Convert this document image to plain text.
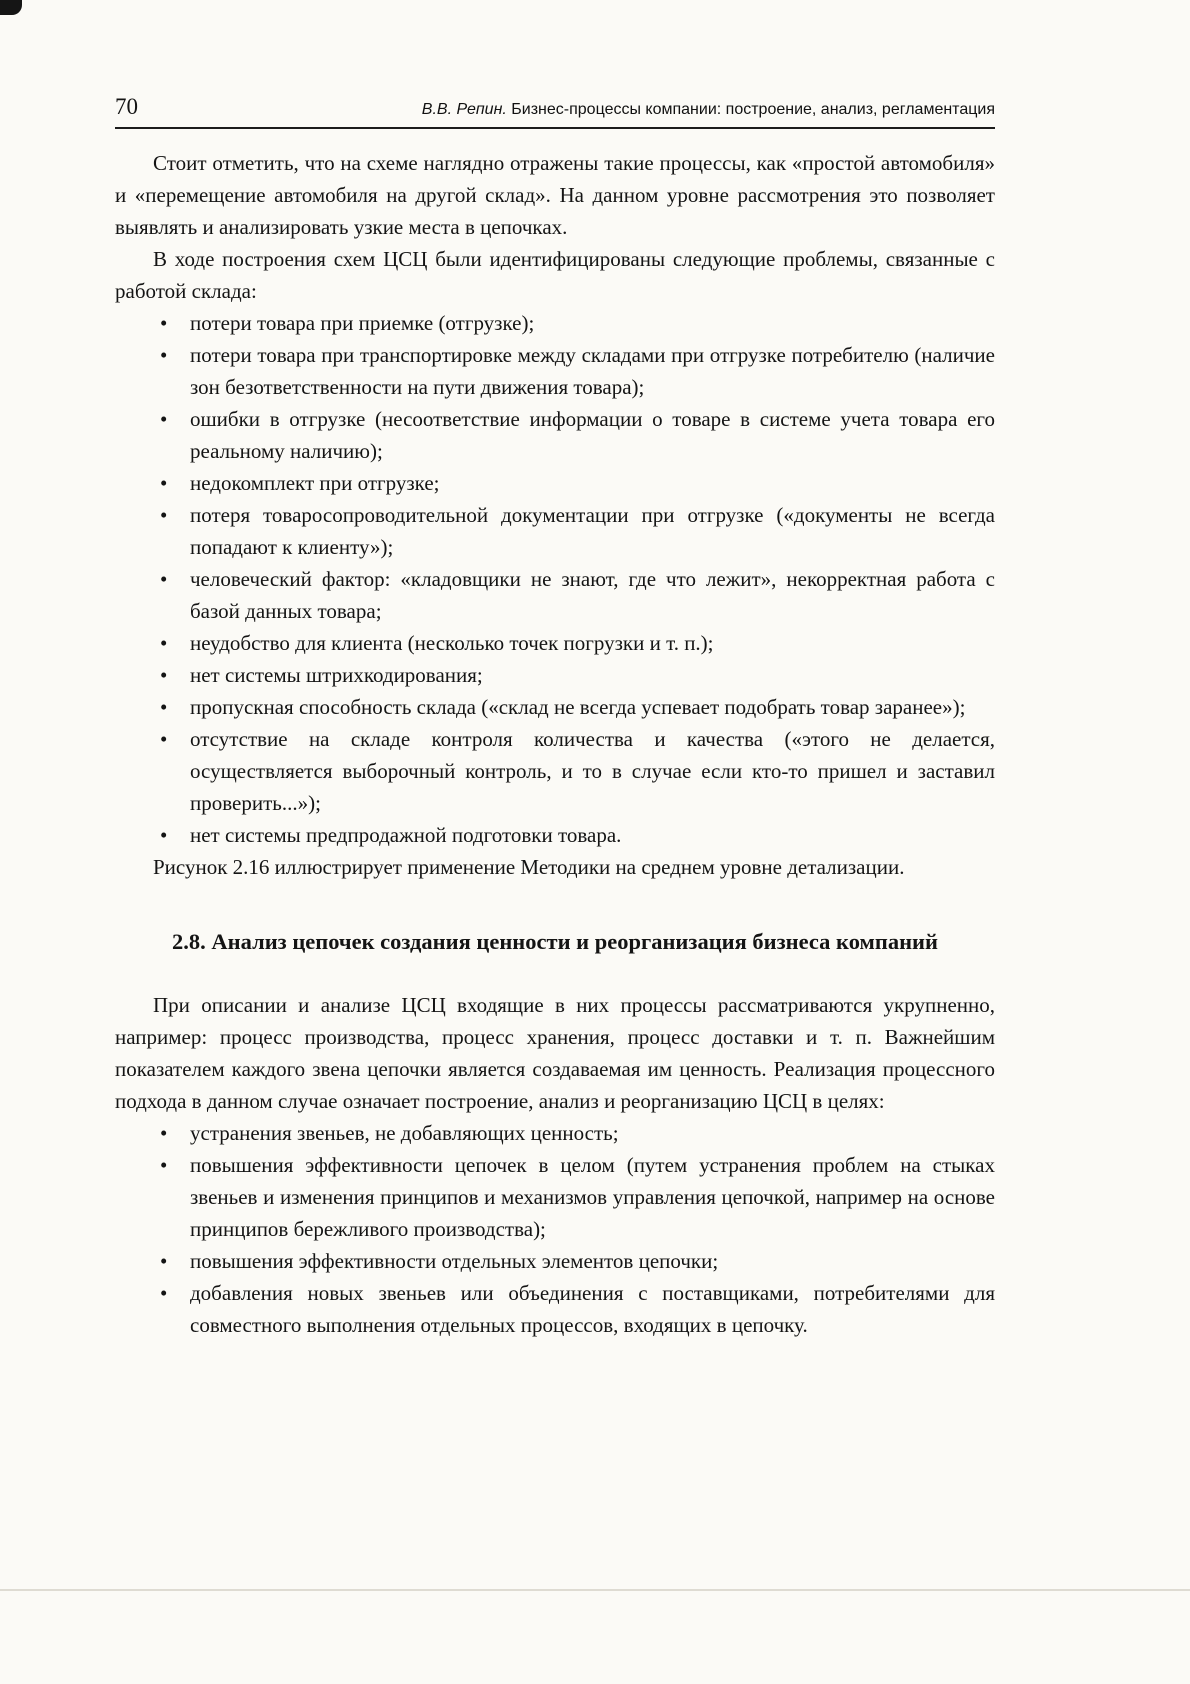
70	В.В. Репин. Бизнес-процессы компании: построение, анализ, регламентация

Стоит отметить, что на схеме наглядно отражены такие процессы, как «простой автомобиля» и «перемещение автомобиля на другой склад». На данном уровне рассмотрения это позволяет выявлять и анализировать узкие места в цепочках.

В ходе построения схем ЦСЦ были идентифицированы следующие проблемы, связанные с работой склада:

•	потери товара при приемке (отгрузке);
•	потери товара при транспортировке между складами при отгрузке потребителю (наличие зон безответственности на пути движения товара);
•	ошибки в отгрузке (несоответствие информации о товаре в системе учета товара его реальному наличию);
•	недокомплект при отгрузке;
•	потеря товаросопроводительной документации при отгрузке («документы не всегда попадают к клиенту»);
•	человеческий фактор: «кладовщики не знают, где что лежит», некорректная работа с базой данных товара;
•	неудобство для клиента (несколько точек погрузки и т. п.);
•	нет системы штрихкодирования;
•	пропускная способность склада («склад не всегда успевает подобрать товар заранее»);
•	отсутствие на складе контроля количества и качества («этого не делается, осуществляется выборочный контроль, и то в случае если кто-то пришел и заставил проверить...»);
•	нет системы предпродажной подготовки товара.

Рисунок 2.16 иллюстрирует применение Методики на среднем уровне детализации.

2.8. Анализ цепочек создания ценности и реорганизация бизнеса компаний

При описании и анализе ЦСЦ входящие в них процессы рассматриваются укрупненно, например: процесс производства, процесс хранения, процесс доставки и т. п. Важнейшим показателем каждого звена цепочки является создаваемая им ценность. Реализация процессного подхода в данном случае означает построение, анализ и реорганизацию ЦСЦ в целях:

•	устранения звеньев, не добавляющих ценность;
•	повышения эффективности цепочек в целом (путем устранения проблем на стыках звеньев и изменения принципов и механизмов управления цепочкой, например на основе принципов бережливого производства);
•	повышения эффективности отдельных элементов цепочки;
•	добавления новых звеньев или объединения с поставщиками, потребителями для совместного выполнения отдельных процессов, входящих в цепочку.
